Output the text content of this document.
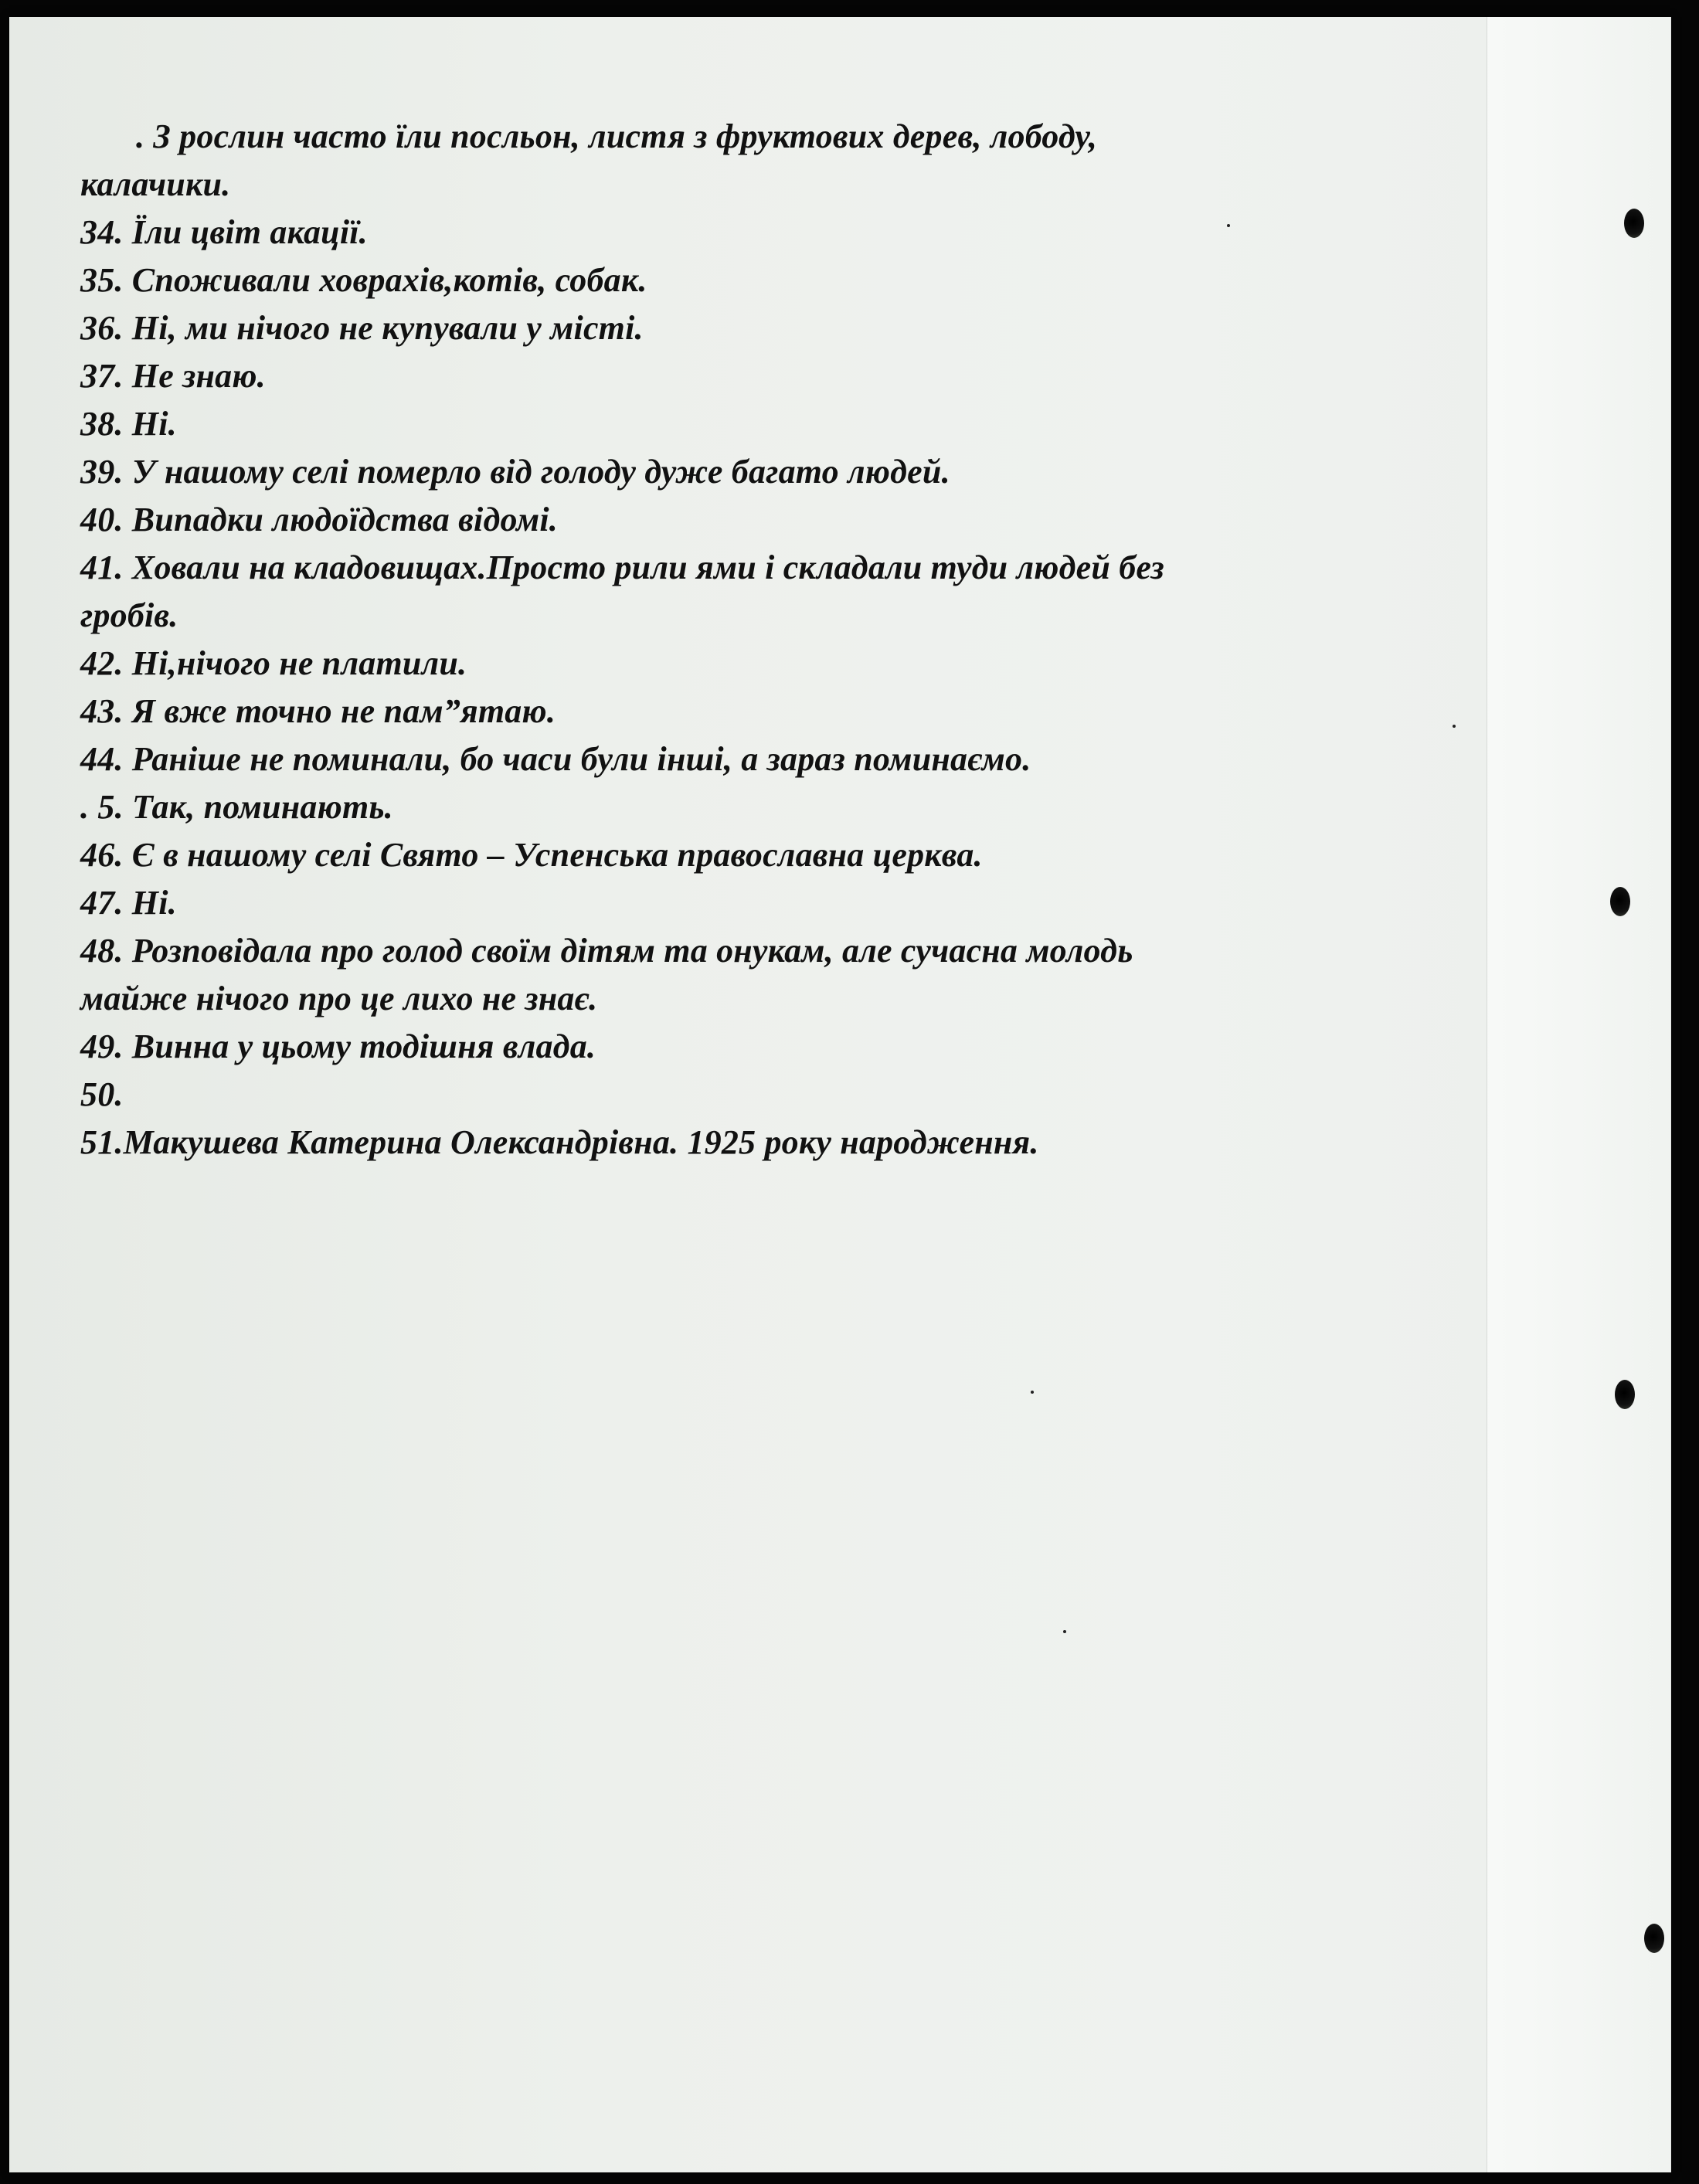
. З рослин часто їли посльон, листя з фруктових дерев, лободу,
калачики.
34. Їли цвіт акації.
35. Споживали ховрахів,котів, собак.
36. Ні, ми нічого не купували у місті.
37. Не знаю.
38. Ні.
39. У нашому селі померло від голоду дуже багато людей.
40. Випадки людоїдства відомі.
41. Ховали на кладовищах.Просто рили ями і складали туди людей без
гробів.
42. Ні,нічого не платили.
43. Я вже точно не пам”ятаю.
44. Раніше не поминали, бо часи були інші, а зараз поминаємо.
. 5. Так, поминають.
46. Є в нашому селі Свято – Успенська православна церква.
47. Ні.
48. Розповідала про голод своїм дітям та онукам, але сучасна молодь
майже нічого про це лихо не знає.
49. Винна у цьому тодішня влада.
50.
51.Макушева Катерина Олександрівна. 1925 року народження.
